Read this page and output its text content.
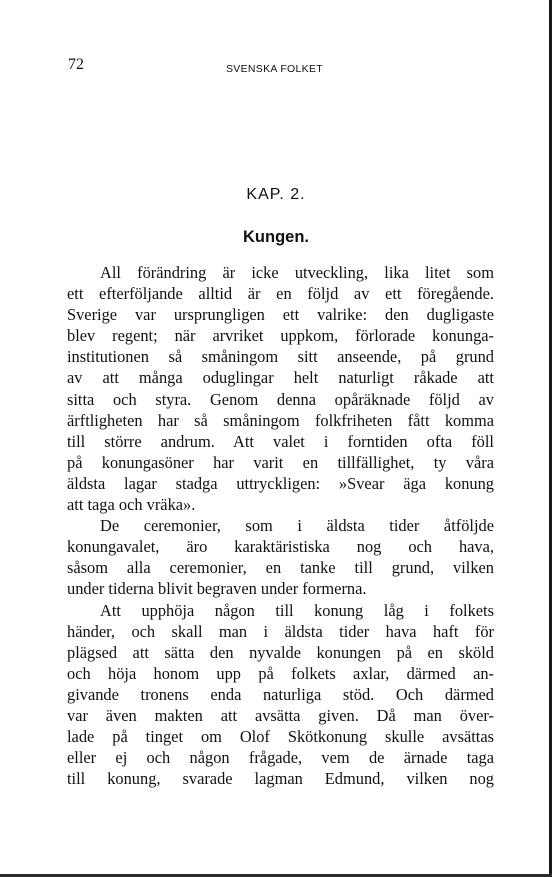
72	SVENSKA FOLKET
KAP. 2.
Kungen.
All förändring är icke utveckling, lika litet som
ett efterföljande alltid är en följd av ett föregående.
Sverige var ursprungligen ett valrike: den dugligaste
blev regent; när arvriket uppkom, förlorade konunga-
institutionen så småningom sitt anseende, på grund
av att många oduglingar helt naturligt råkade att
sitta och styra. Genom denna opåräknade följd av
ärftligheten har så småningom folkfriheten fått komma
till större andrum. Att valet i forntiden ofta föll
på konungasöner har varit en tillfällighet, ty våra
äldsta lagar stadga uttryckligen: »Svear äga konung
att taga och vräka».
De ceremonier, som i äldsta tider åtföljde
konungavalet, äro karaktäristiska nog och hava,
såsom alla ceremonier, en tanke till grund, vilken
under tiderna blivit begraven under formerna.
Att upphöja någon till konung låg i folkets
händer, och skall man i äldsta tider hava haft för
plägsed att sätta den nyvalde konungen på en sköld
och höja honom upp på folkets axlar, därmed an-
givande tronens enda naturliga stöd. Och därmed
var även makten att avsätta given. Då man över-
lade på tinget om Olof Skötkonung skulle avsättas
eller ej och någon frågade, vem de ärnade taga
till konung, svarade lagman Edmund, vilken nog
